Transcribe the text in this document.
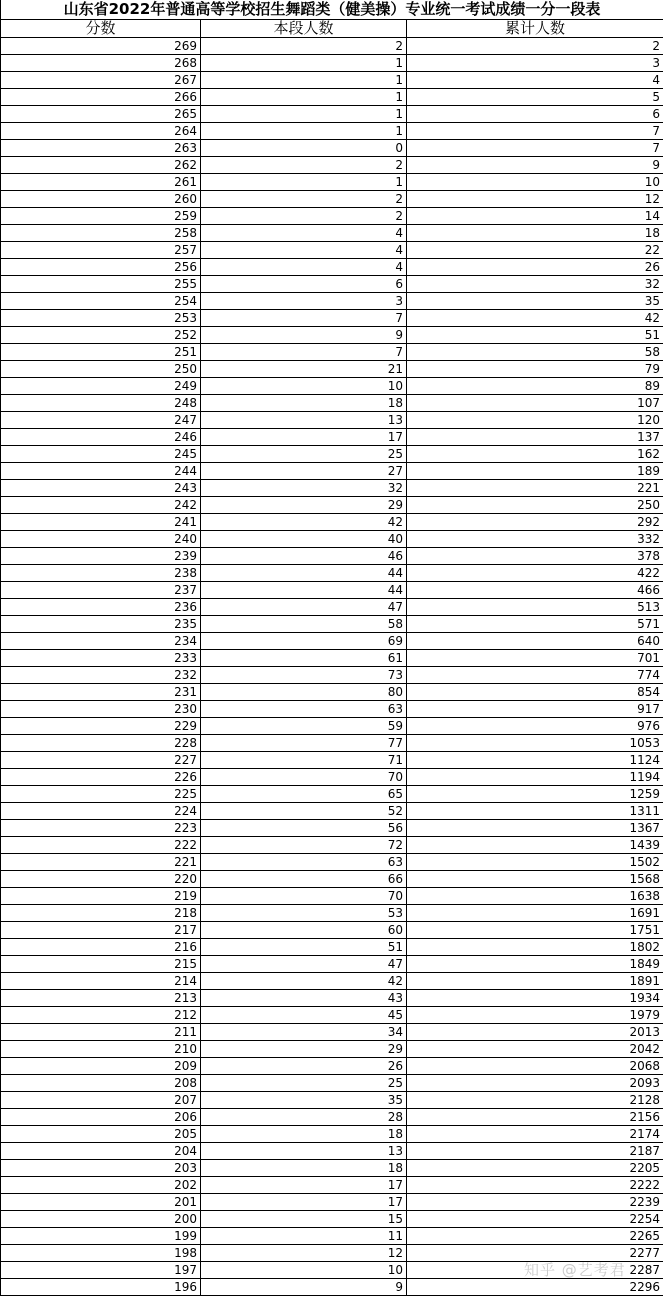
山东省2022年普通高等学校招生舞蹈类（健美操）专业统一考试成绩一分一段表		
分数	本段人数	累计人数
269	2	2
268	1	3
267	1	4
266	1	5
265	1	6
264	1	7
263	0	7
262	2	9
261	1	10
260	2	12
259	2	14
258	4	18
257	4	22
256	4	26
255	6	32
254	3	35
253	7	42
252	9	51
251	7	58
250	21	79
249	10	89
248	18	107
247	13	120
246	17	137
245	25	162
244	27	189
243	32	221
242	29	250
241	42	292
240	40	332
239	46	378
238	44	422
237	44	466
236	47	513
235	58	571
234	69	640
233	61	701
232	73	774
231	80	854
230	63	917
229	59	976
228	77	1053
227	71	1124
226	70	1194
225	65	1259
224	52	1311
223	56	1367
222	72	1439
221	63	1502
220	66	1568
219	70	1638
218	53	1691
217	60	1751
216	51	1802
215	47	1849
214	42	1891
213	43	1934
212	45	1979
211	34	2013
210	29	2042
209	26	2068
208	25	2093
207	35	2128
206	28	2156
205	18	2174
204	13	2187
203	18	2205
202	17	2222
201	17	2239
200	15	2254
199	11	2265
198	12	2277
197	10	2287
196	9	2296
知乎 @艺考君
